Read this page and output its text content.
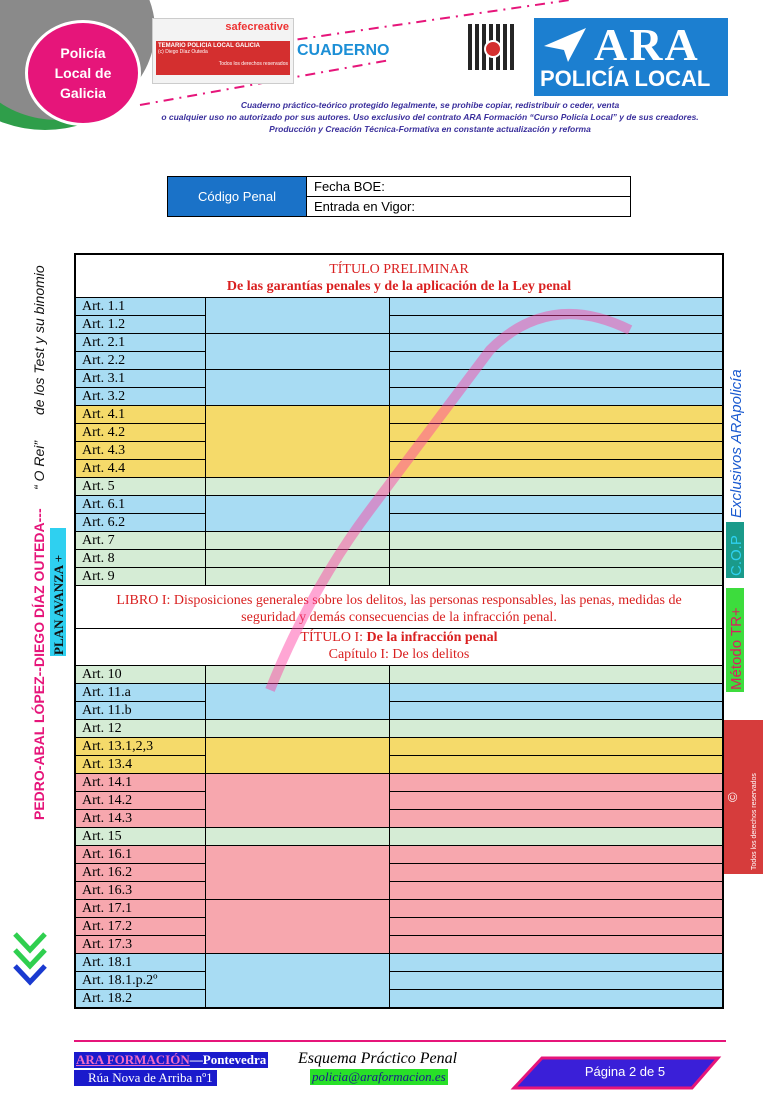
Policía
Local de
Galicia
safecreative
TEMARIO POLICIA LOCAL GALICIA
(c) Diego Díaz Outeda
Todos los derechos reservados
CUADERNO	ARA
POLICÍA LOCAL
Cuaderno práctico-teórico protegido legalmente, se prohibe copiar, redistribuir o ceder, venta
o cualquier uso no autorizado por sus autores. Uso exclusivo del contrato ARA Formación “Curso Policía Local” y de sus creadores.
Producción y Creación Técnica-Formativa en constante actualización y reforma
Código Penal
Fecha BOE:
Entrada en Vigor:
PEDRO-ABAL LÓPEZ--DIEGO DÍAZ OUTEDA---
“ O Rei”
de los Test y su binomio
PLAN AVANZA +	Método TR+
C.O.P
Exclusivos ARApolicía
© Todos los derechos reservados
TÍTULO PRELIMINAR
De las garantías penales y de la aplicación de la Ley penal		

Art. 1.1		
Art. 1.2		
Art. 2.1		
Art. 2.2		
Art. 3.1		
Art. 3.2		
Art. 4.1		
Art. 4.2		
Art. 4.3		
Art. 4.4		
Art. 5		
Art. 6.1		
Art. 6.2		
Art. 7		
Art. 8		
Art. 9		

LIBRO I: Disposiciones generales sobre los delitos, las personas responsables, las penas, medidas de seguridad y demás consecuencias de la infracción penal.		

TÍTULO I: De la infracción penal
Capítulo I: De los delitos		

Art. 10		
Art. 11.a		
Art. 11.b		
Art. 12		
Art. 13.1,2,3		
Art. 13.4		
Art. 14.1		
Art. 14.2		
Art. 14.3		
Art. 15		
Art. 16.1		
Art. 16.2		
Art. 16.3		
Art. 17.1		
Art. 17.2		
Art. 17.3		
Art. 18.1		
Art. 18.1.p.2º		
Art. 18.2		
ARA FORMACIÓN—Pontevedra
Rúa Nova de Arriba nº1
Esquema Práctico Penal
policia@araformacion.es	Página 2 de 5
